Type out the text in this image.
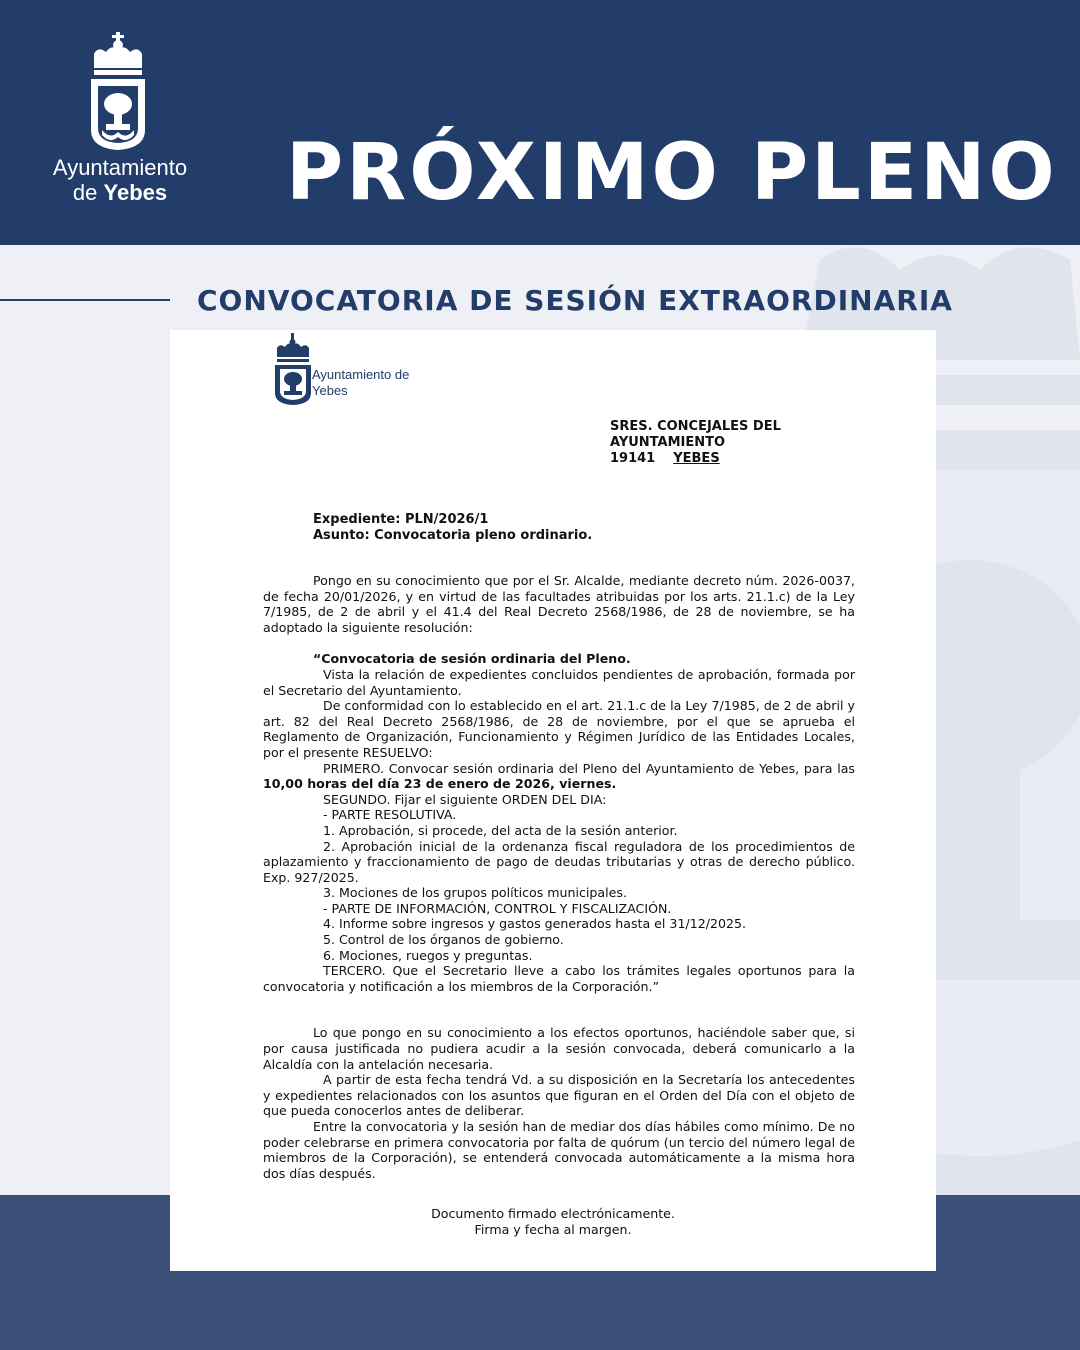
Ayuntamiento
de Yebes	PRÓXIMO PLENO
CONVOCATORIA DE SESIÓN EXTRAORDINARIA
Ayuntamiento de
Yebes
SRES. CONCEJALES DEL
AYUNTAMIENTO
19141 YEBES
Expediente: PLN/2026/1
Asunto: Convocatoria pleno ordinario.

Pongo en su conocimiento que por el Sr. Alcalde, mediante decreto núm. 2026-0037, de fecha 20/01/2026, y en virtud de las facultades atribuidas por los arts. 21.1.c) de la Ley 7/1985, de 2 de abril y el 41.4 del Real Decreto 2568/1986, de 28 de noviembre, se ha adoptado la siguiente resolución:

“Convocatoria de sesión ordinaria del Pleno.

Vista la relación de expedientes concluidos pendientes de aprobación, formada por el Secretario del Ayuntamiento.

De conformidad con lo establecido en el art. 21.1.c de la Ley 7/1985, de 2 de abril y art. 82 del Real Decreto 2568/1986, de 28 de noviembre, por el que se aprueba el Reglamento de Organización, Funcionamiento y Régimen Jurídico de las Entidades Locales, por el presente RESUELVO:

PRIMERO. Convocar sesión ordinaria del Pleno del Ayuntamiento de Yebes, para las 10,00 horas del día 23 de enero de 2026, viernes.

SEGUNDO. Fijar el siguiente ORDEN DEL DIA:

- PARTE RESOLUTIVA.

1. Aprobación, si procede, del acta de la sesión anterior.

2. Aprobación inicial de la ordenanza fiscal reguladora de los procedimientos de aplazamiento y fraccionamiento de pago de deudas tributarias y otras de derecho público. Exp. 927/2025.

3. Mociones de los grupos políticos municipales.

- PARTE DE INFORMACIÓN, CONTROL Y FISCALIZACIÓN.

4. Informe sobre ingresos y gastos generados hasta el 31/12/2025.

5. Control de los órganos de gobierno.

6. Mociones, ruegos y preguntas.

TERCERO. Que el Secretario lleve a cabo los trámites legales oportunos para la convocatoria y notificación a los miembros de la Corporación.”

Lo que pongo en su conocimiento a los efectos oportunos, haciéndole saber que, si por causa justificada no pudiera acudir a la sesión convocada, deberá comunicarlo a la Alcaldía con la antelación necesaria.

A partir de esta fecha tendrá Vd. a su disposición en la Secretaría los antecedentes y expedientes relacionados con los asuntos que figuran en el Orden del Día con el objeto de que pueda conocerlos antes de deliberar.

Entre la convocatoria y la sesión han de mediar dos días hábiles como mínimo. De no poder celebrarse en primera convocatoria por falta de quórum (un tercio del número legal de miembros de la Corporación), se entenderá convocada automáticamente a la misma hora dos días después.

Documento firmado electrónicamente.
Firma y fecha al margen.
